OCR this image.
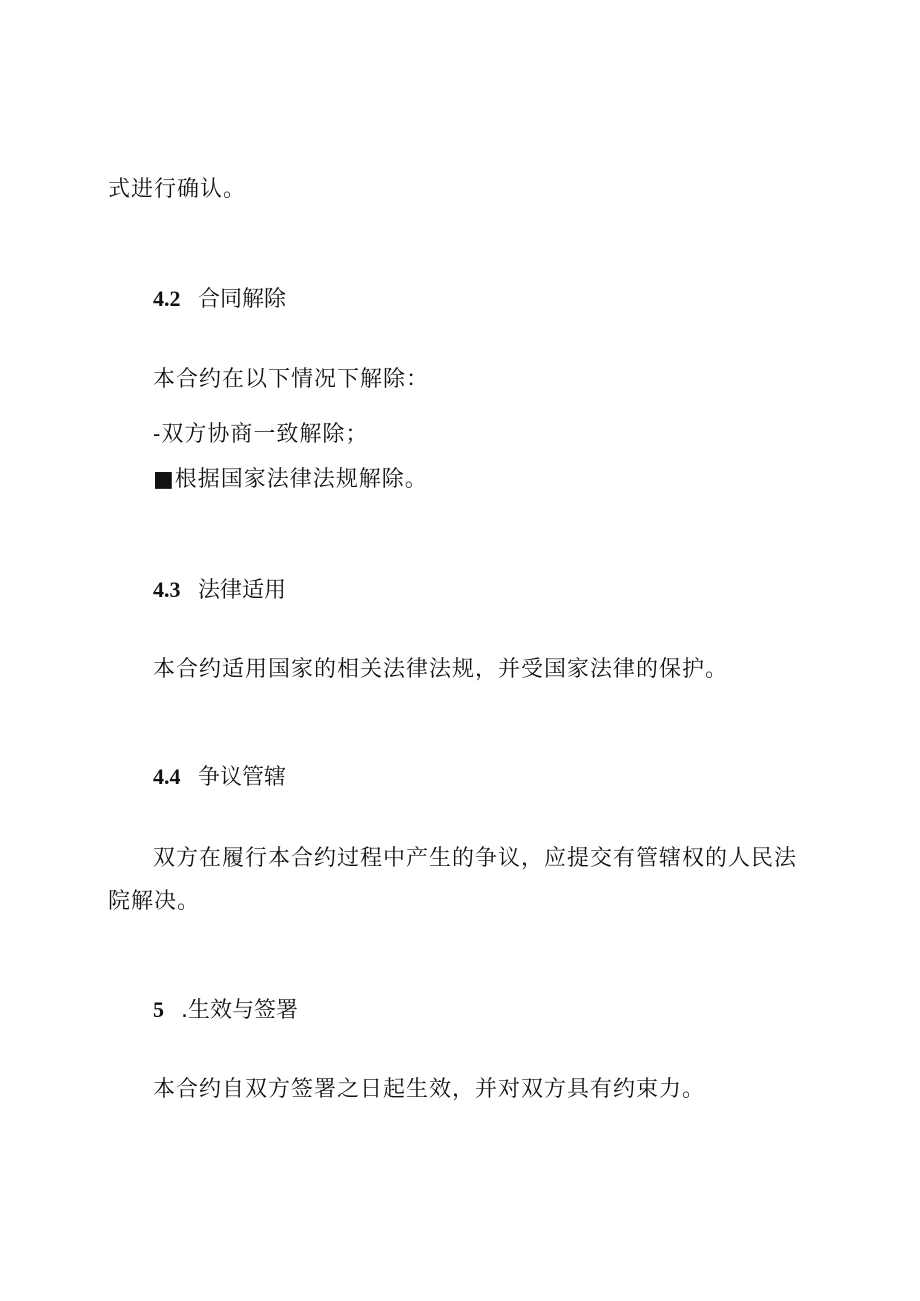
式进行确认。
4.2 合同解除
本合约在以下情况下解除：
-双方协商一致解除；
■根据国家法律法规解除。
4.3 法律适用
本合约适用国家的相关法律法规，并受国家法律的保护。
4.4 争议管辖
双方在履行本合约过程中产生的争议，应提交有管辖权的人民法
院解决。
5 .生效与签署
本合约自双方签署之日起生效，并对双方具有约束力。
